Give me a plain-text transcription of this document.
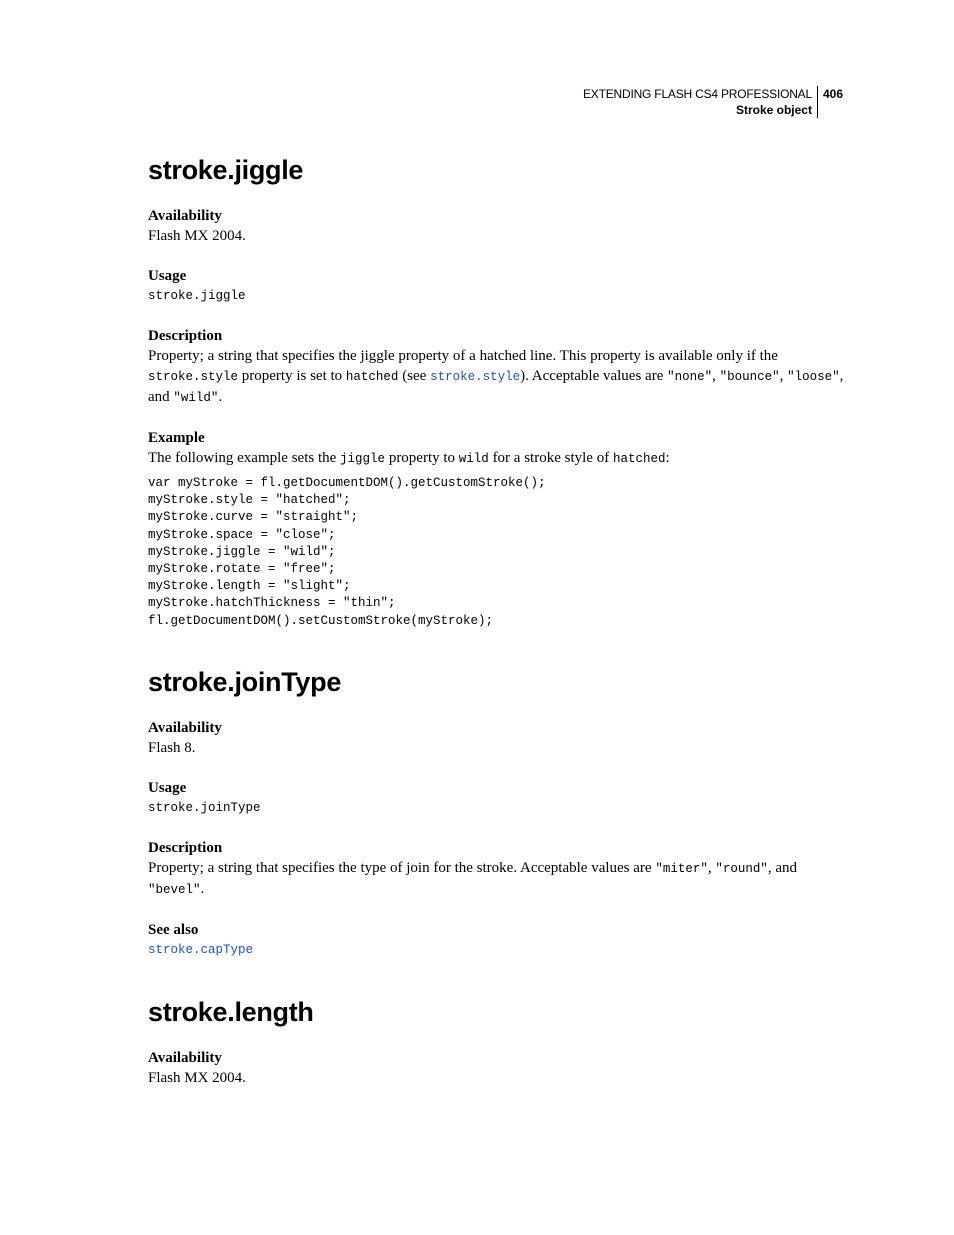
EXTENDING FLASH CS4 PROFESSIONAL
Stroke object
406
stroke.jiggle
Availability

Flash MX 2004.

Usage
stroke.jiggle
Description

Property; a string that specifies the jiggle property of a hatched line. This property is available only if the stroke.style property is set to hatched (see stroke.style). Acceptable values are "none", "bounce", "loose", and "wild".

Example

The following example sets the jiggle property to wild for a stroke style of hatched:

var myStroke = fl.getDocumentDOM().getCustomStroke();
myStroke.style = "hatched";
myStroke.curve = "straight";
myStroke.space = "close";
myStroke.jiggle = "wild";
myStroke.rotate = "free";
myStroke.length = "slight";
myStroke.hatchThickness = "thin";
fl.getDocumentDOM().setCustomStroke(myStroke);
stroke.joinType
Availability

Flash 8.

Usage
stroke.joinType
Description

Property; a string that specifies the type of join for the stroke. Acceptable values are "miter", "round", and "bevel".

See also
stroke.capType
stroke.length
Availability

Flash MX 2004.
